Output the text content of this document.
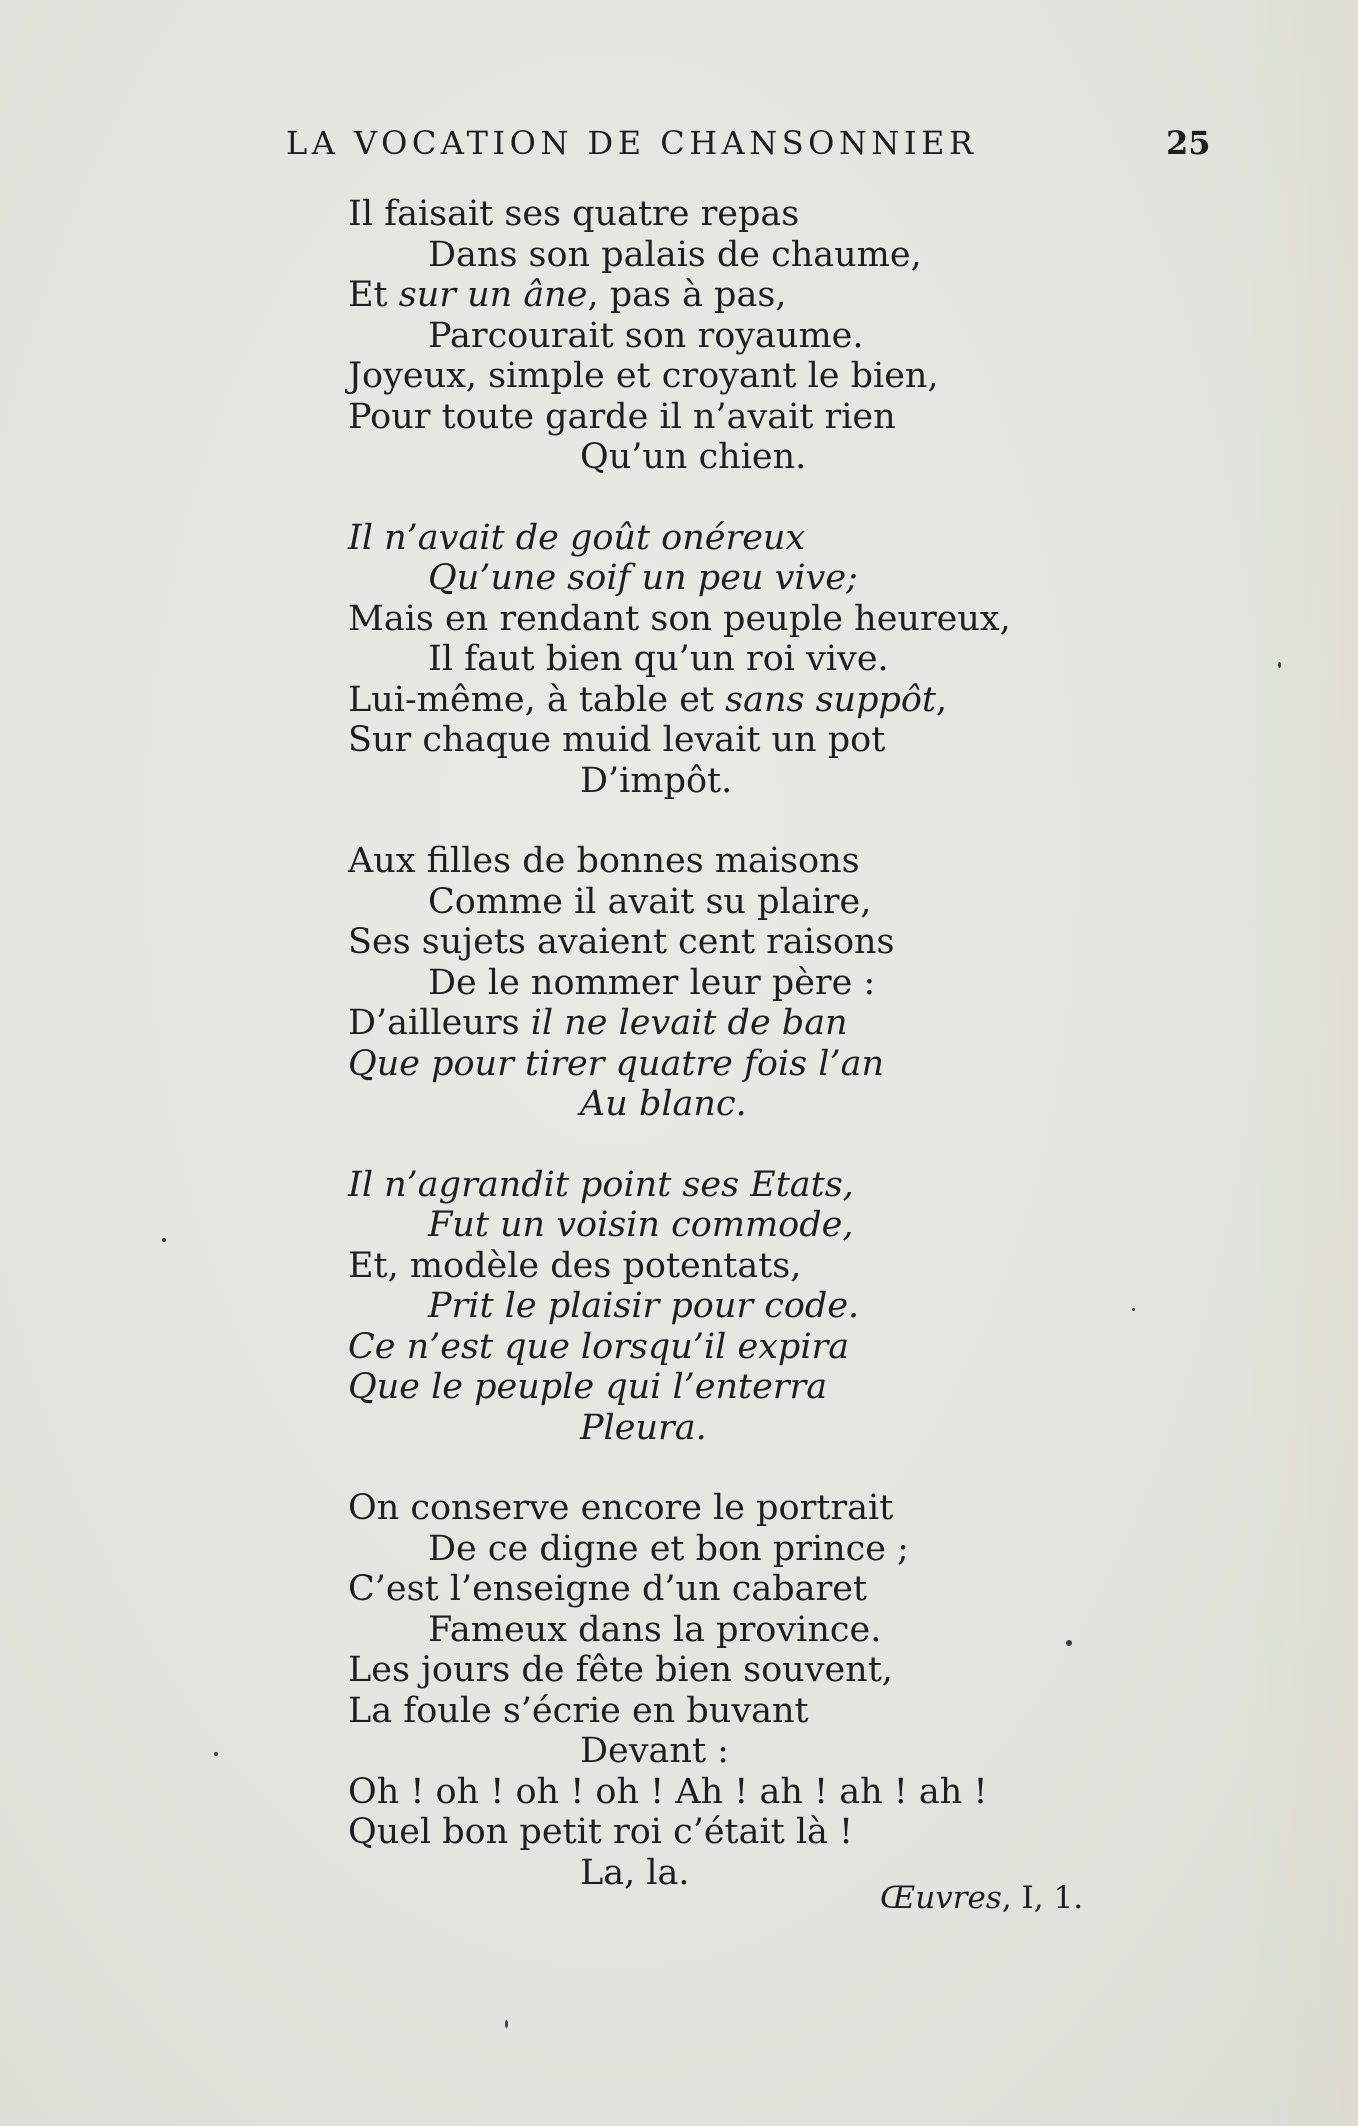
LA VOCATION DE CHANSONNIER	25
Il faisait ses quatre repas
Dans son palais de chaume,
Et sur un âne, pas à pas,
Parcourait son royaume.
Joyeux, simple et croyant le bien,
Pour toute garde il n’avait rien
Qu’un chien.
Il n’avait de goût onéreux
Qu’une soif un peu vive;
Mais en rendant son peuple heureux,
Il faut bien qu’un roi vive.
Lui-même, à table et sans suppôt,
Sur chaque muid levait un pot
D’impôt.
Aux filles de bonnes maisons
Comme il avait su plaire,
Ses sujets avaient cent raisons
De le nommer leur père :
D’ailleurs il ne levait de ban
Que pour tirer quatre fois l’an
Au blanc.
Il n’agrandit point ses Etats,
Fut un voisin commode,
Et, modèle des potentats,
Prit le plaisir pour code.
Ce n’est que lorsqu’il expira
Que le peuple qui l’enterra
Pleura.
On conserve encore le portrait
De ce digne et bon prince ;
C’est l’enseigne d’un cabaret
Fameux dans la province.
Les jours de fête bien souvent,
La foule s’écrie en buvant
Devant :
Oh ! oh ! oh ! oh ! Ah ! ah ! ah ! ah !
Quel bon petit roi c’était là !
La, la.
Œuvres, I, 1.
